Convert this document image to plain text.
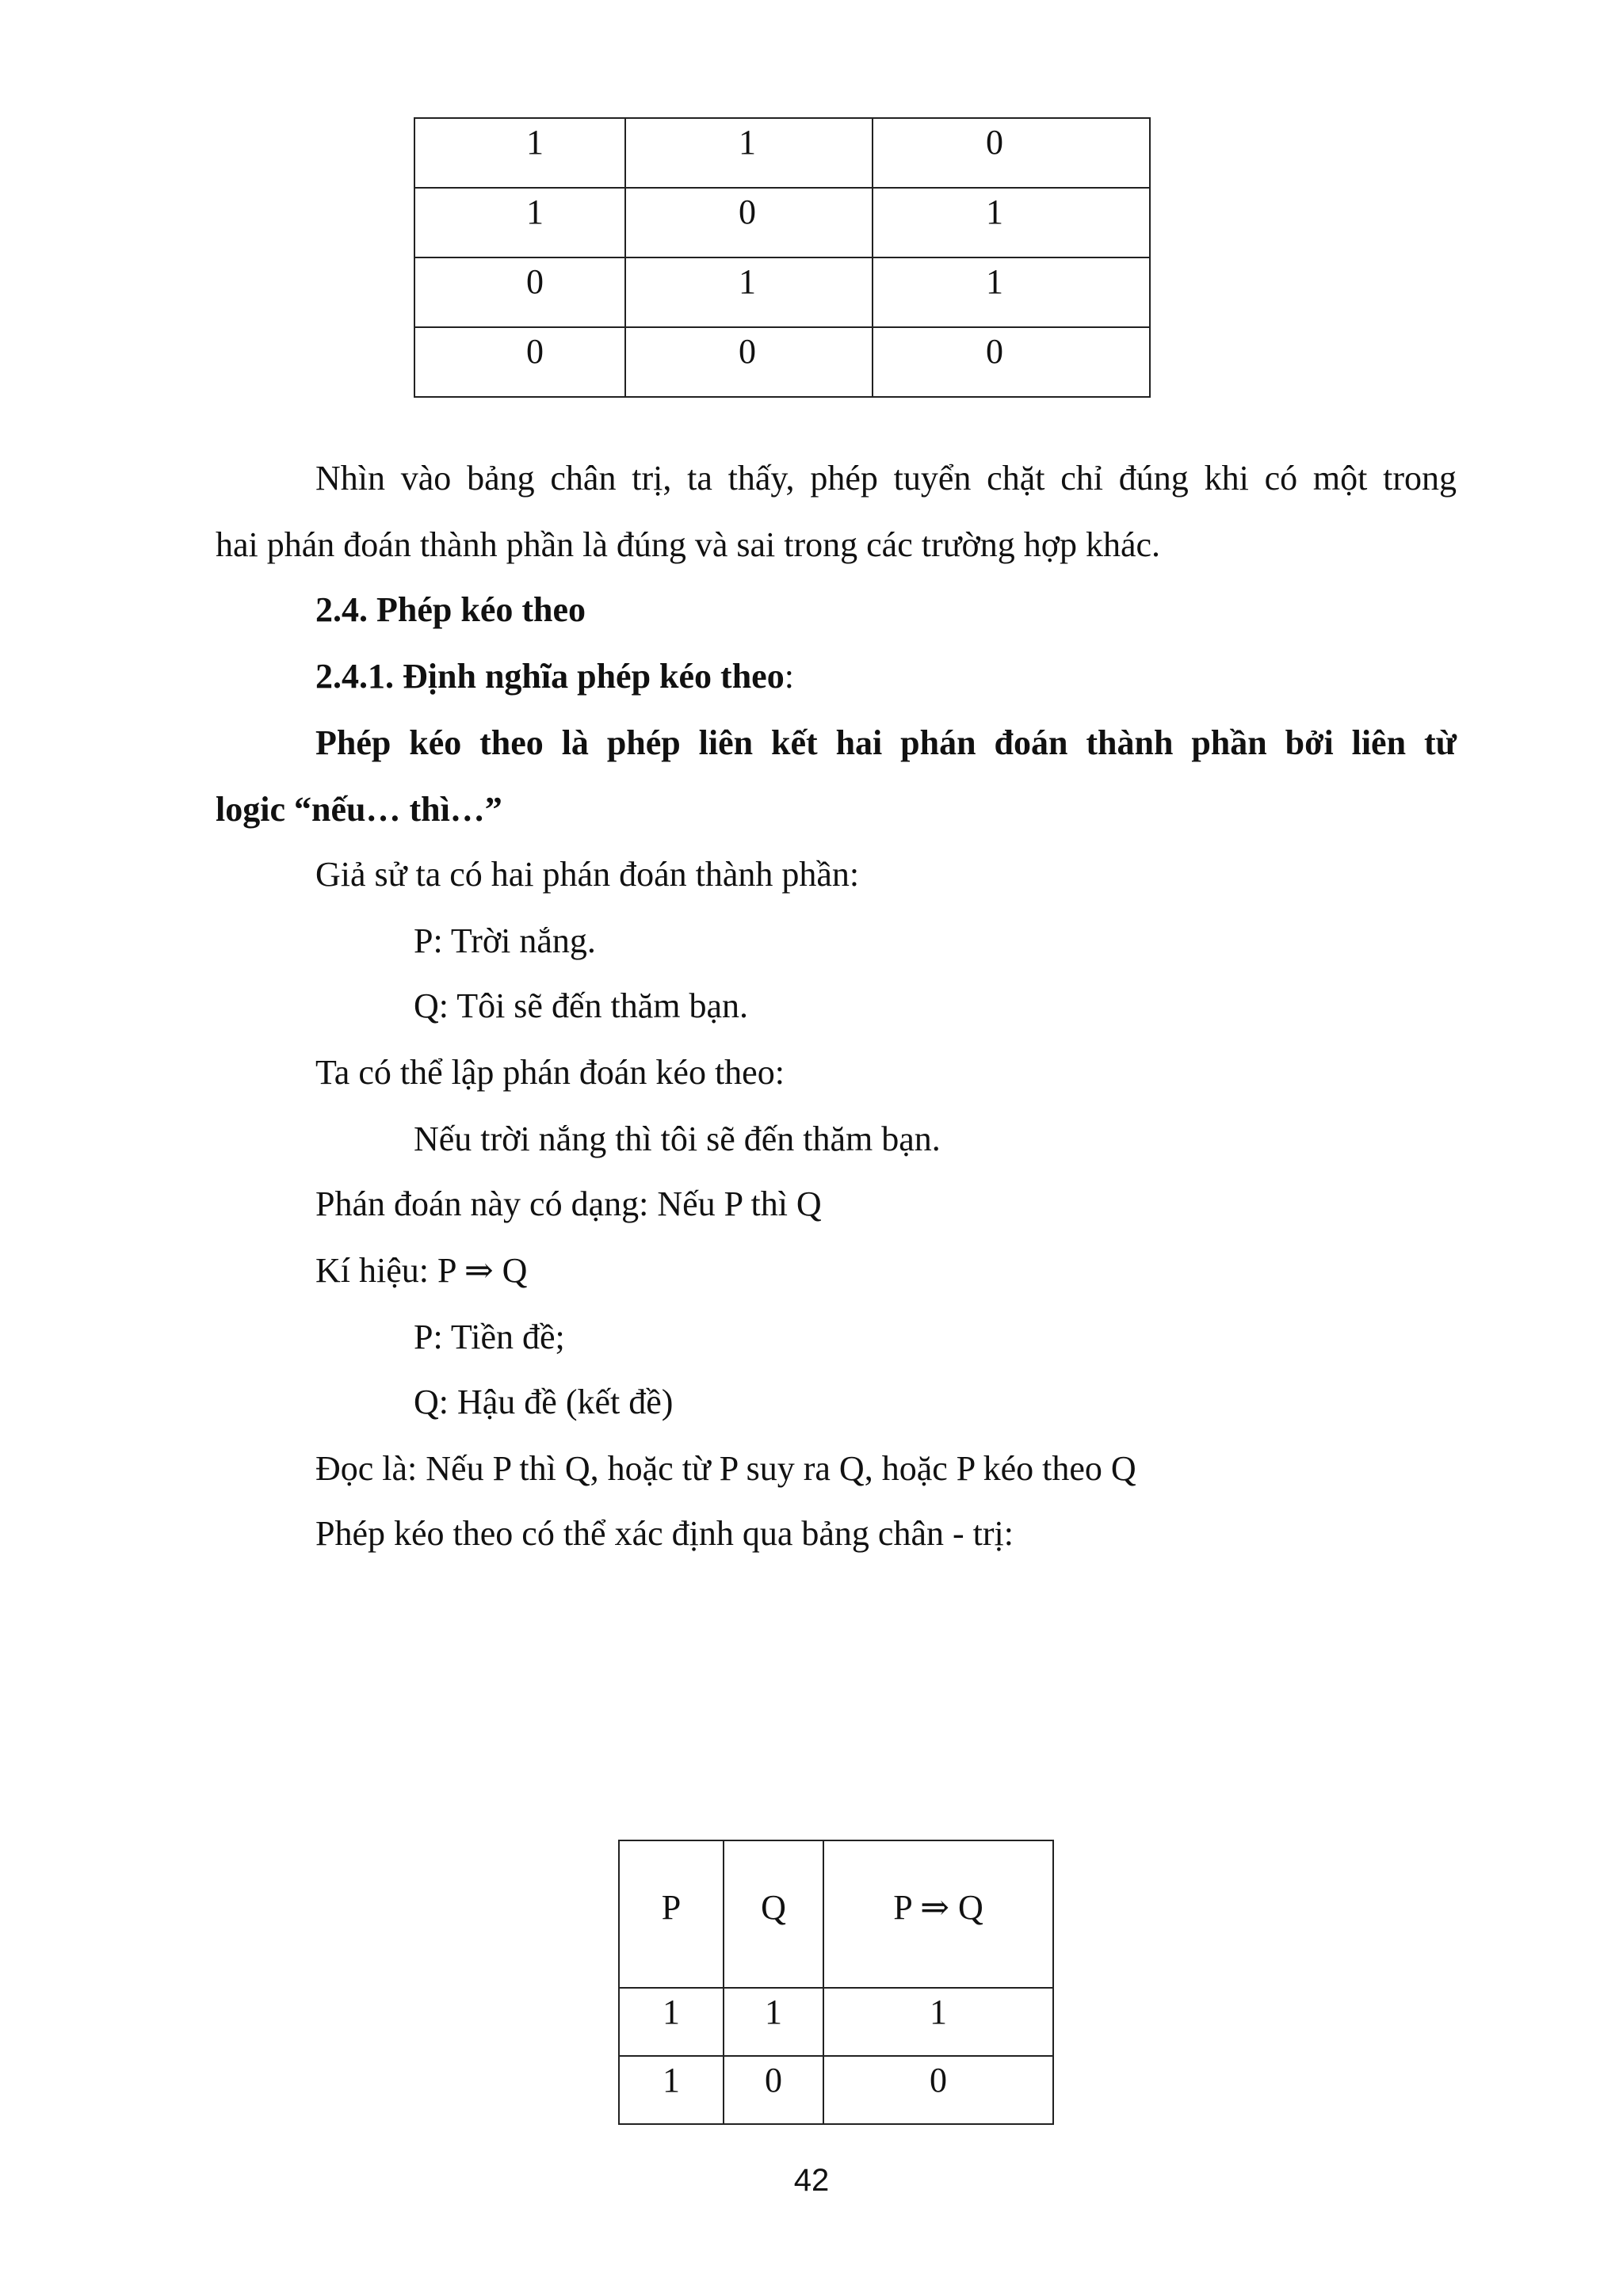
1	1	0
1	0	1
0	1	1
0	0	0
Nhìn vào bảng chân trị, ta thấy, phép tuyển chặt chỉ đúng khi có một trong
hai phán đoán thành phần là đúng và sai trong các trường hợp khác.
2.4. Phép kéo theo
2.4.1. Định nghĩa phép kéo theo:
Phép kéo theo là phép liên kết hai phán đoán thành phần bởi liên từ
logic “nếu… thì…”
Giả sử ta có hai phán đoán thành phần:
P: Trời nắng.
Q: Tôi sẽ đến thăm bạn.
Ta có thể lập phán đoán kéo theo:
Nếu trời nắng thì tôi sẽ đến thăm bạn.
Phán đoán này có dạng: Nếu P thì Q
Kí hiệu: P ⇒ Q
P: Tiền đề;
Q: Hậu đề (kết đề)
Đọc là: Nếu P thì Q, hoặc từ P suy ra Q, hoặc P kéo theo Q
Phép kéo theo có thể xác định qua bảng chân - trị:
P	Q	P ⇒ Q
1	1	1
1	0	0
42
